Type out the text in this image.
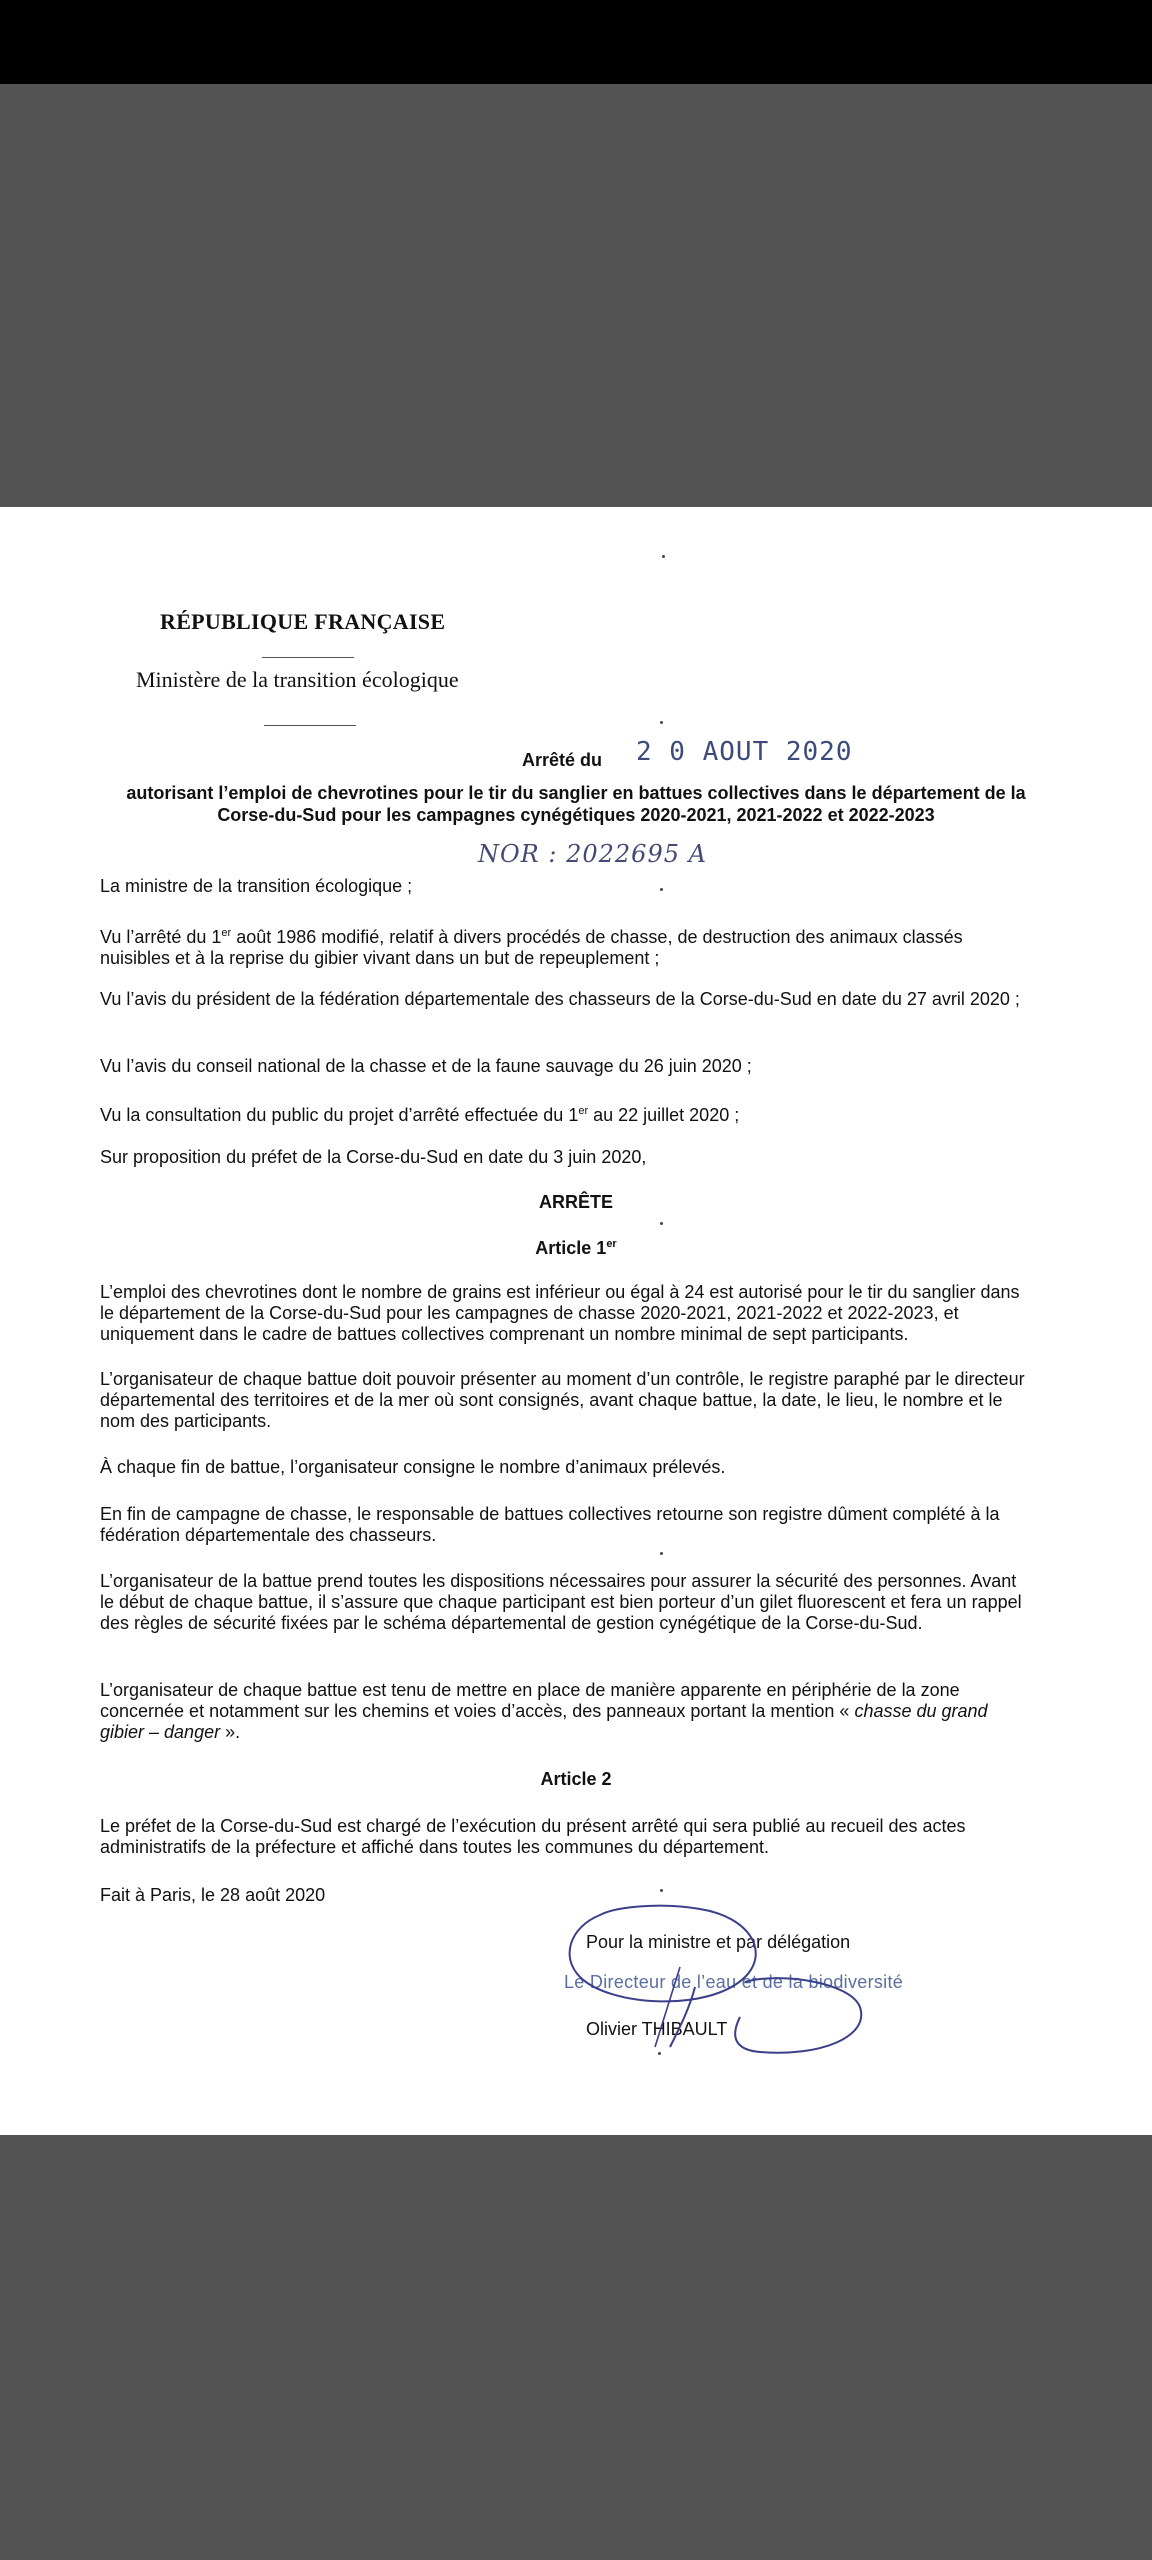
RÉPUBLIQUE FRANÇAISE
Ministère de la transition écologique
Arrêté du 2 0 AOUT 2020
autorisant l’emploi de chevrotines pour le tir du sanglier en battues collectives dans le département de la Corse-du-Sud pour les campagnes cynégétiques 2020-2021, 2021-2022 et 2022-2023
NOR : 2022695 A
La ministre de la transition écologique ;

Vu l’arrêté du 1er août 1986 modifié, relatif à divers procédés de chasse, de destruction des animaux classés nuisibles et à la reprise du gibier vivant dans un but de repeuplement ;

Vu l’avis du président de la fédération départementale des chasseurs de la Corse-du-Sud en date du 27 avril 2020 ;
Vu l’avis du conseil national de la chasse et de la faune sauvage du 26 juin 2020 ;

Vu la consultation du public du projet d’arrêté effectuée du 1er au 22 juillet 2020 ;

Sur proposition du préfet de la Corse-du-Sud en date du 3 juin 2020,
ARRÊTE
Article 1er
L’emploi des chevrotines dont le nombre de grains est inférieur ou égal à 24 est autorisé pour le tir du sanglier dans le département de la Corse-du-Sud pour les campagnes de chasse 2020-2021, 2021-2022 et 2022-2023, et uniquement dans le cadre de battues collectives comprenant un nombre minimal de sept participants.
L’organisateur de chaque battue doit pouvoir présenter au moment d’un contrôle, le registre paraphé par le directeur départemental des territoires et de la mer où sont consignés, avant chaque battue, la date, le lieu, le nombre et le nom des participants.
À chaque fin de battue, l’organisateur consigne le nombre d’animaux prélevés.
En fin de campagne de chasse, le responsable de battues collectives retourne son registre dûment complété à la fédération départementale des chasseurs.
L’organisateur de la battue prend toutes les dispositions nécessaires pour assurer la sécurité des personnes. Avant le début de chaque battue, il s’assure que chaque participant est bien porteur d’un gilet fluorescent et fera un rappel des règles de sécurité fixées par le schéma départemental de gestion cynégétique de la Corse-du-Sud.

L’organisateur de chaque battue est tenu de mettre en place de manière apparente en périphérie de la zone concernée et notamment sur les chemins et voies d’accès, des panneaux portant la mention « chasse du grand gibier – danger ».

Article 2
Le préfet de la Corse-du-Sud est chargé de l’exécution du présent arrêté qui sera publié au recueil des actes administratifs de la préfecture et affiché dans toutes les communes du département.
Fait à Paris, le 28 août 2020
Pour la ministre et par délégation
Le Directeur de l’eau et de la biodiversité
Olivier THIBAULT
